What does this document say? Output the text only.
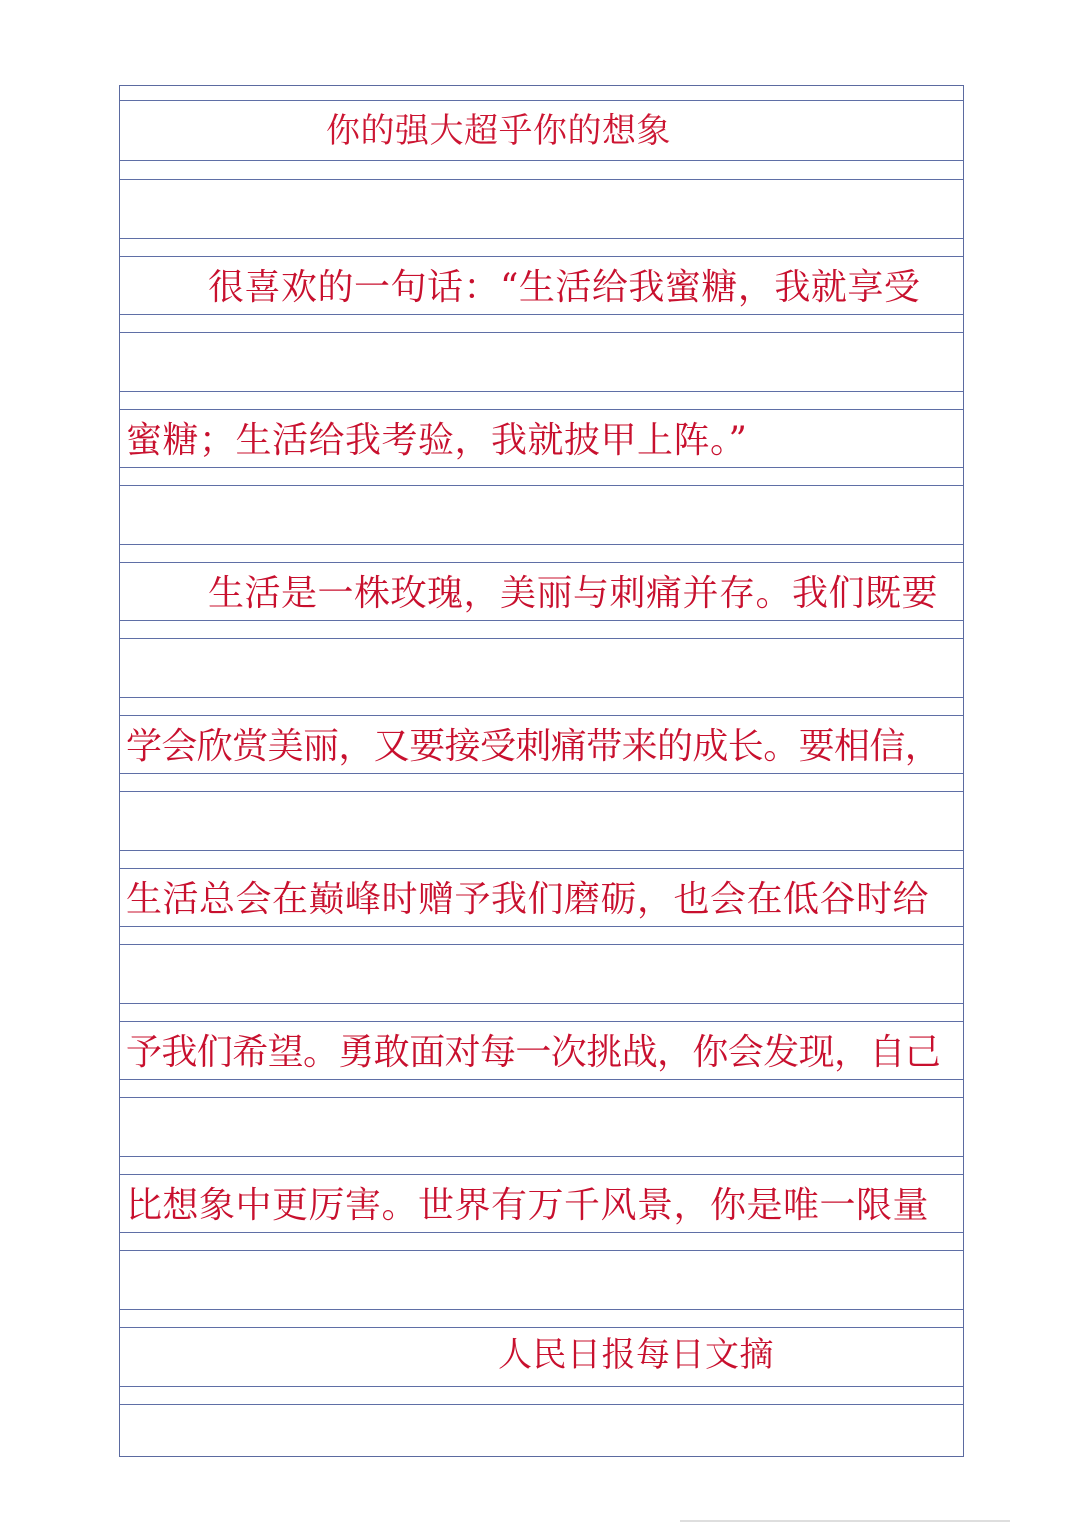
你的强大超乎你的想象
很喜欢的一句话：“生活给我蜜糖，我就享受
蜜糖；生活给我考验，我就披甲上阵。”
生活是一株玫瑰，美丽与刺痛并存。我们既要
学会欣赏美丽，又要接受刺痛带来的成长。要相信，
生活总会在巅峰时赠予我们磨砺，也会在低谷时给
予我们希望。勇敢面对每一次挑战，你会发现，自己
比想象中更厉害。世界有万千风景，你是唯一限量
人民日报每日文摘
